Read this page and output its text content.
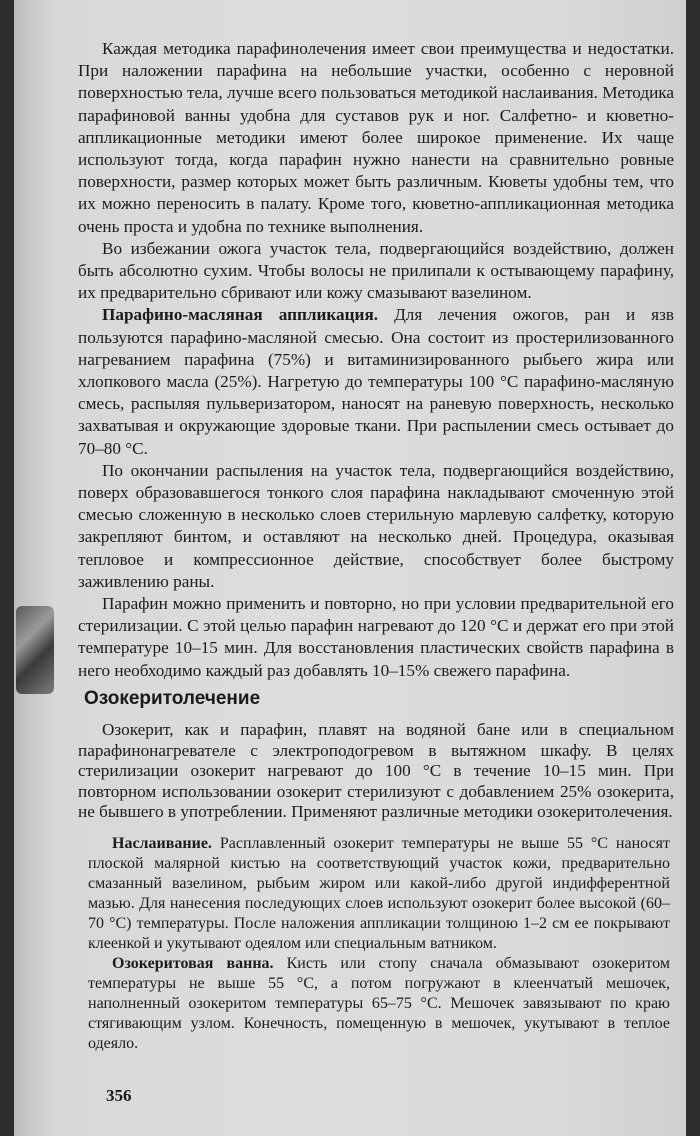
Каждая методика парафинолечения имеет свои преимущества и недостатки. При наложении парафина на небольшие участки, особенно с неровной поверхностью тела, лучше всего пользоваться методикой наслаивания. Методика парафиновой ванны удобна для суставов рук и ног. Салфетно- и кюветно-аппликационные методики имеют более широкое применение. Их чаще используют тогда, когда парафин нужно нанести на сравнительно ровные поверхности, размер которых может быть различным. Кюветы удобны тем, что их можно переносить в палату. Кроме того, кюветно-аппликационная методика очень проста и удобна по технике выполнения.

Во избежании ожога участок тела, подвергающийся воздействию, должен быть абсолютно сухим. Чтобы волосы не прилипали к остывающему парафину, их предварительно сбривают или кожу смазывают вазелином.

Парафино-масляная аппликация. Для лечения ожогов, ран и язв пользуются парафино-масляной смесью. Она состоит из простерилизованного нагреванием парафина (75%) и витаминизированного рыбьего жира или хлопкового масла (25%). Нагретую до температуры 100 °С парафино-масляную смесь, распыляя пульверизатором, наносят на раневую поверхность, несколько захватывая и окружающие здоровые ткани. При распылении смесь остывает до 70–80 °С.

По окончании распыления на участок тела, подвергающийся воздействию, поверх образовавшегося тонкого слоя парафина накладывают смоченную этой смесью сложенную в несколько слоев стерильную марлевую салфетку, которую закрепляют бинтом, и оставляют на несколько дней. Процедура, оказывая тепловое и компрессионное действие, способствует более быстрому заживлению раны.

Парафин можно применить и повторно, но при условии предварительной его стерилизации. С этой целью парафин нагревают до 120 °С и держат его при этой температуре 10–15 мин. Для восстановления пластических свойств парафина в него необходимо каждый раз добавлять 10–15% свежего парафина.

Озокеритолечение

Озокерит, как и парафин, плавят на водяной бане или в специальном парафинонагревателе с электроподогревом в вытяжном шкафу. В целях стерилизации озокерит нагревают до 100 °С в течение 10–15 мин. При повторном использовании озокерит стерилизуют с добавлением 25% озокерита, не бывшего в употреблении. Применяют различные методики озокеритолечения.

Наслаивание. Расплавленный озокерит температуры не выше 55 °С наносят плоской малярной кистью на соответствующий участок кожи, предварительно смазанный вазелином, рыбьим жиром или какой-либо другой индифферентной мазью. Для нанесения последующих слоев используют озокерит более высокой (60–70 °С) температуры. После наложения аппликации толщиною 1–2 см ее покрывают клеенкой и укутывают одеялом или специальным ватником.

Озокеритовая ванна. Кисть или стопу сначала обмазывают озокеритом температуры не выше 55 °С, а потом погружают в клеенчатый мешочек, наполненный озокеритом температуры 65–75 °С. Мешочек завязывают по краю стягивающим узлом. Конечность, помещенную в мешочек, укутывают в теплое одеяло.

356
